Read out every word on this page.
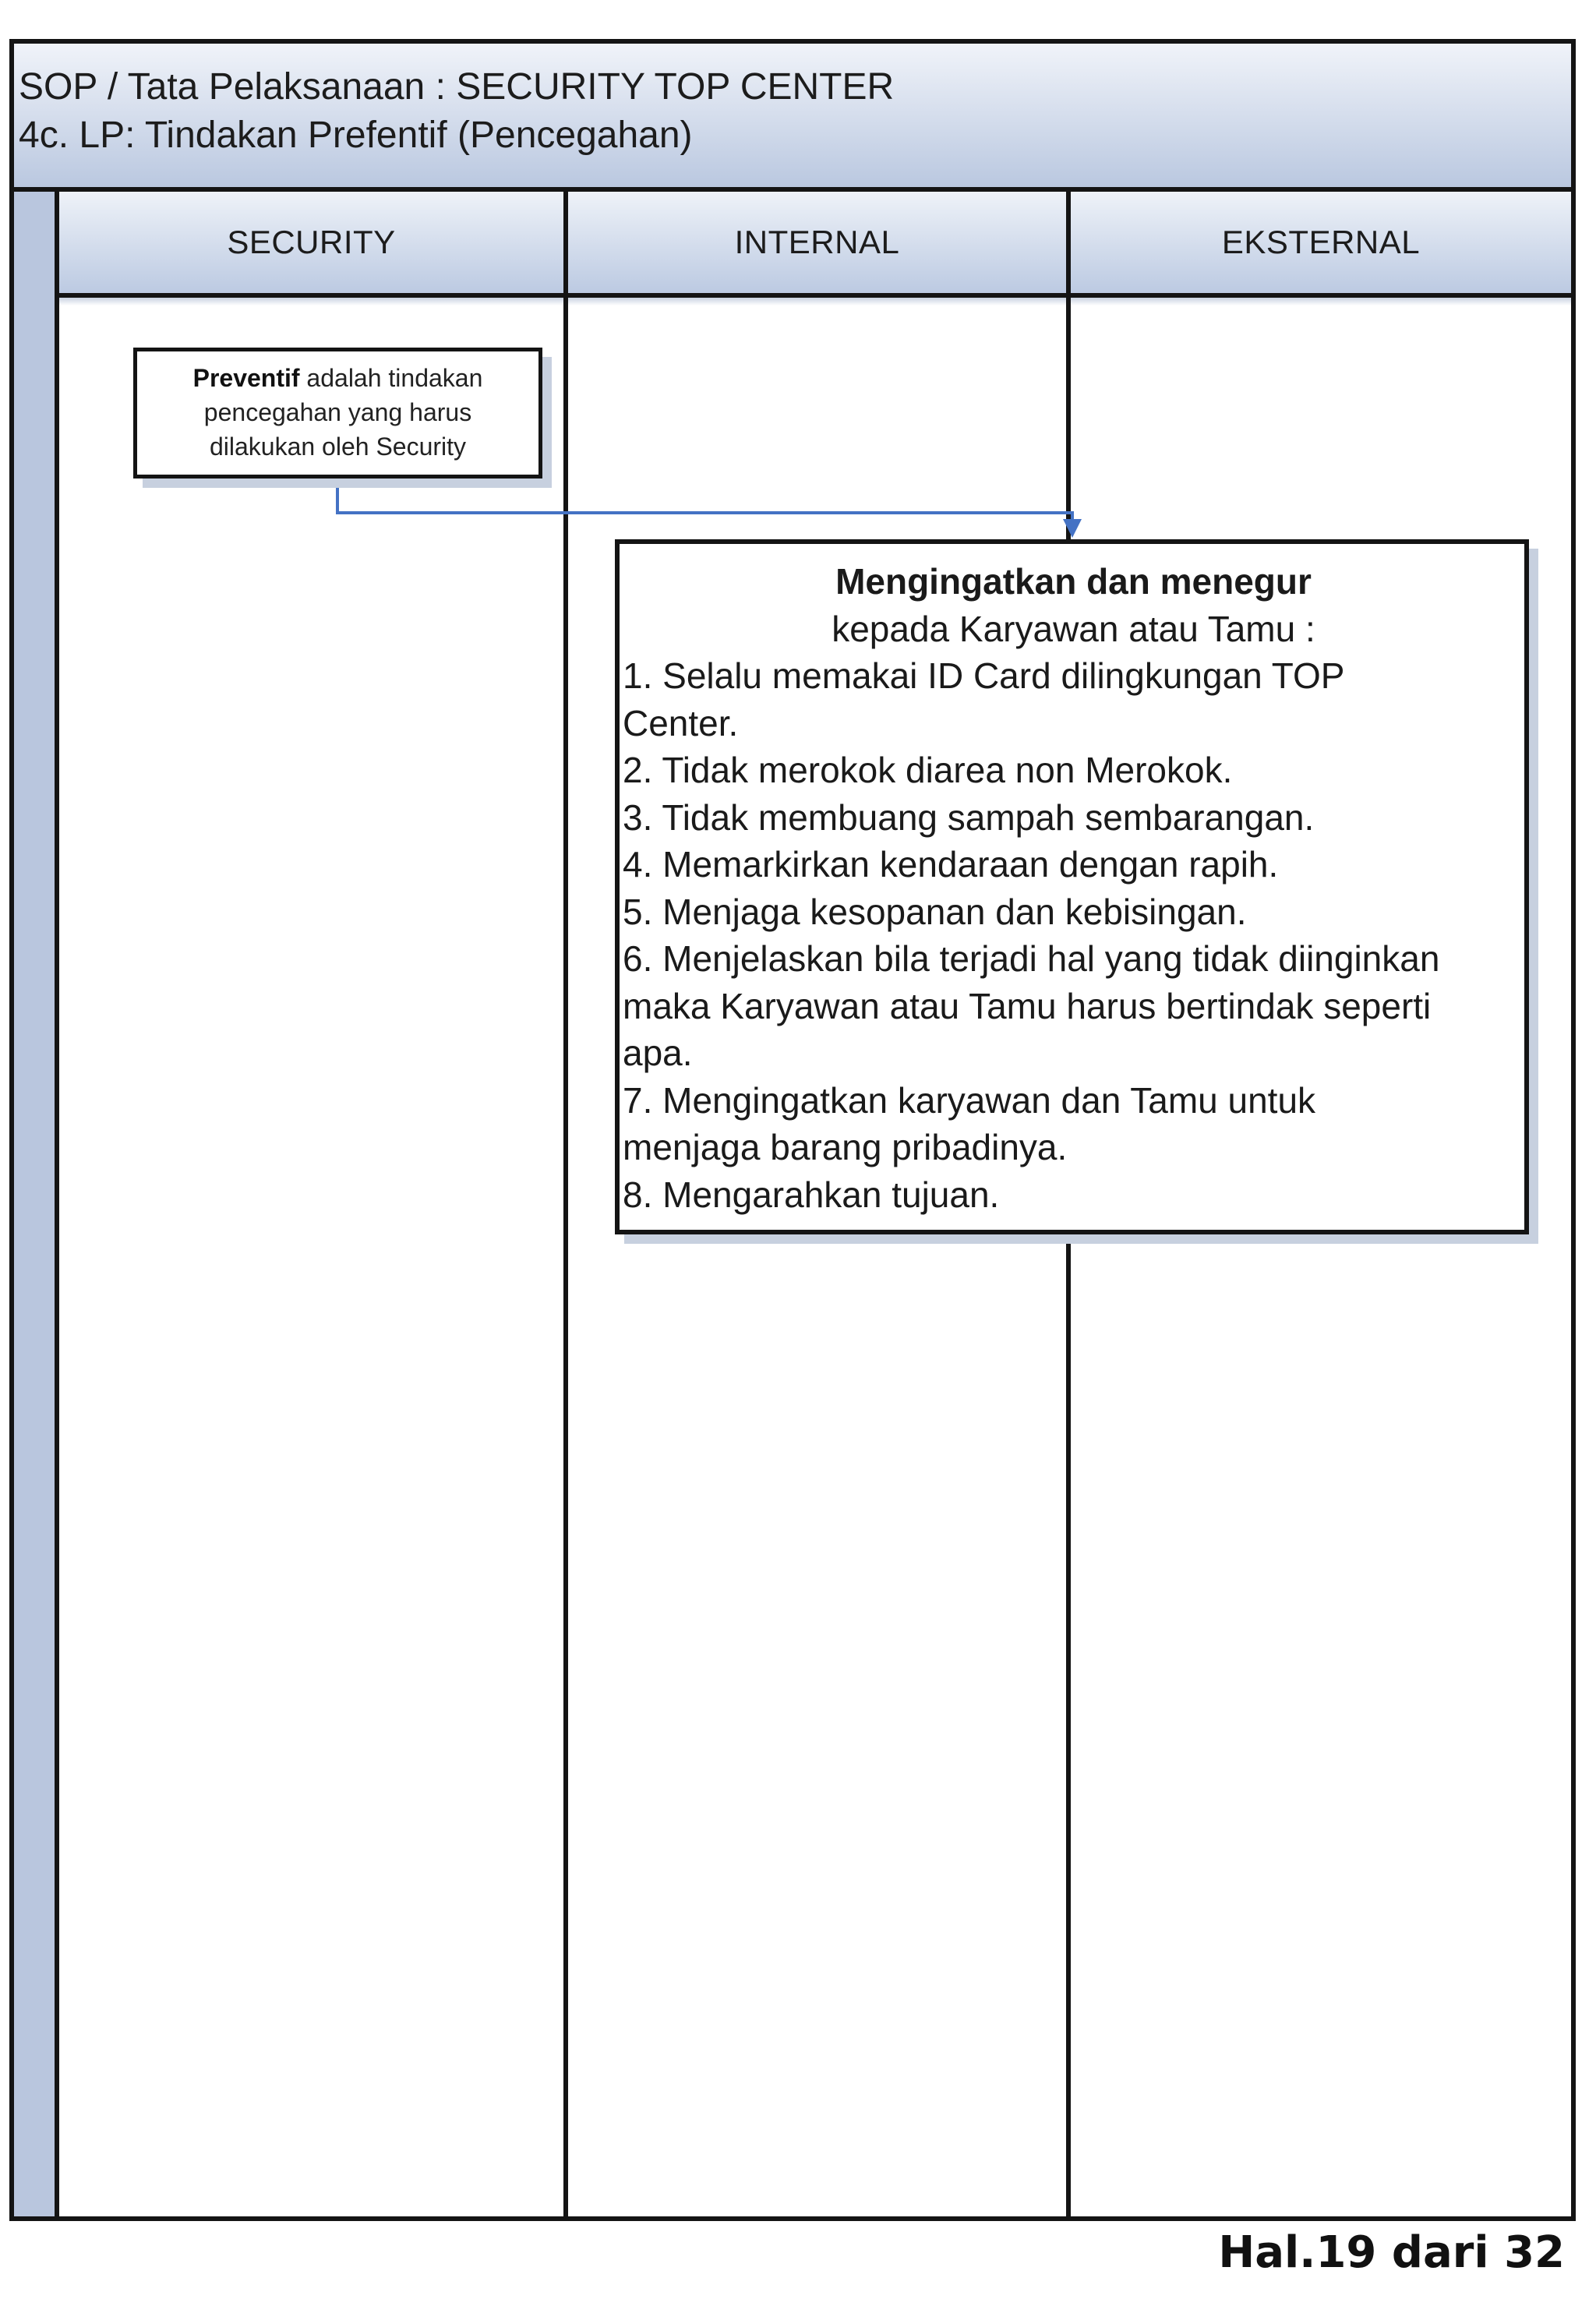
SOP / Tata Pelaksanaan : SECURITY TOP CENTER
4c. LP: Tindakan Prefentif (Pencegahan)
SECURITY	INTERNAL	EKSTERNAL
Preventif adalah tindakan
pencegahan yang harus
dilakukan oleh Security
Mengingatkan dan menegur
kepada Karyawan atau Tamu :
1. Selalu memakai ID Card dilingkungan TOP
Center.
2. Tidak merokok diarea non Merokok.
3. Tidak membuang sampah sembarangan.
4. Memarkirkan kendaraan dengan rapih.
5. Menjaga kesopanan dan kebisingan.
6. Menjelaskan bila terjadi hal yang tidak diinginkan
maka Karyawan atau Tamu harus bertindak seperti
apa.
7. Mengingatkan karyawan dan Tamu untuk
menjaga barang pribadinya.
8. Mengarahkan tujuan.
Hal.19 dari 32
